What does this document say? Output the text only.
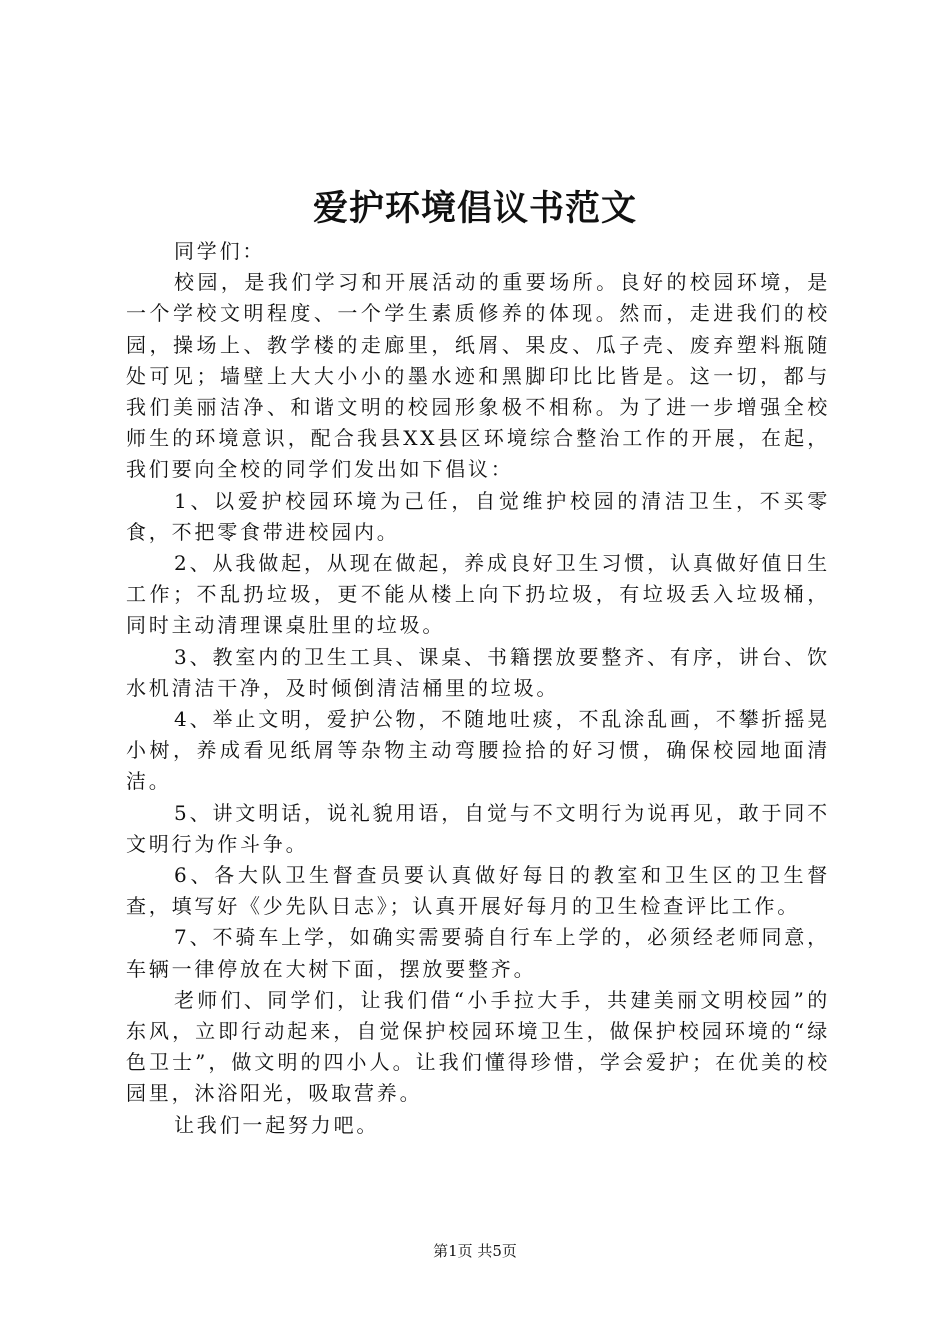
爱护环境倡议书范文

同学们：

校园，是我们学习和开展活动的重要场所。良好的校园环境，是一个学校文明程度、一个学生素质修养的体现。然而，走进我们的校园，操场上、教学楼的走廊里，纸屑、果皮、瓜子壳、废弃塑料瓶随处可见；墙壁上大大小小的墨水迹和黑脚印比比皆是。这一切，都与我们美丽洁净、和谐文明的校园形象极不相称。为了进一步增强全校师生的环境意识，配合我县XX县区环境综合整治工作的开展，在起，我们要向全校的同学们发出如下倡议：

1、以爱护校园环境为己任，自觉维护校园的清洁卫生，不买零食，不把零食带进校园内。

2、从我做起，从现在做起，养成良好卫生习惯，认真做好值日生工作；不乱扔垃圾，更不能从楼上向下扔垃圾，有垃圾丢入垃圾桶，同时主动清理课桌肚里的垃圾。

3、教室内的卫生工具、课桌、书籍摆放要整齐、有序，讲台、饮水机清洁干净，及时倾倒清洁桶里的垃圾。

4、举止文明，爱护公物，不随地吐痰，不乱涂乱画，不攀折摇晃小树，养成看见纸屑等杂物主动弯腰捡拾的好习惯，确保校园地面清洁。

5、讲文明话，说礼貌用语，自觉与不文明行为说再见，敢于同不文明行为作斗争。

6、各大队卫生督查员要认真做好每日的教室和卫生区的卫生督查，填写好《少先队日志》；认真开展好每月的卫生检查评比工作。

7、不骑车上学，如确实需要骑自行车上学的，必须经老师同意，车辆一律停放在大树下面，摆放要整齐。

老师们、同学们，让我们借“小手拉大手，共建美丽文明校园”的东风，立即行动起来，自觉保护校园环境卫生，做保护校园环境的“绿色卫士”，做文明的四小人。让我们懂得珍惜，学会爱护；在优美的校园里，沐浴阳光，吸取营养。

让我们一起努力吧。

第1页 共5页
